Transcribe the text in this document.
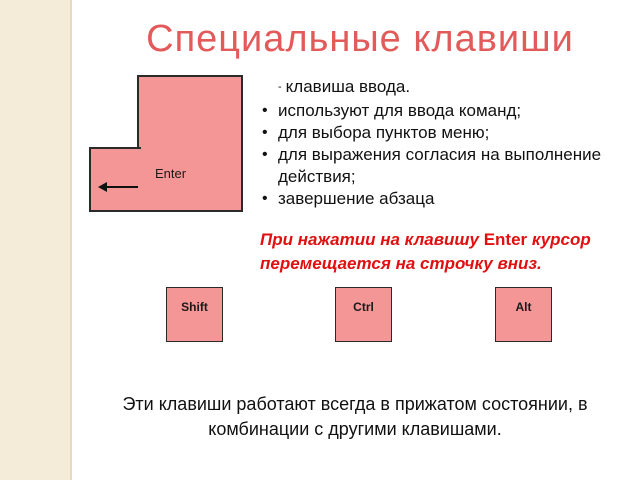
Специальные клавиши
Enter
- клавиша ввода.
• используют для ввода команд;
• для выбора пунктов меню;
• для выражения согласия на выполнение действия;
• завершение абзаца
При нажатии на клавишу Enter курсор перемещается на строчку вниз.
Shift	Ctrl	Alt
Эти клавиши работают всегда в прижатом состоянии, в комбинации с другими клавишами.
